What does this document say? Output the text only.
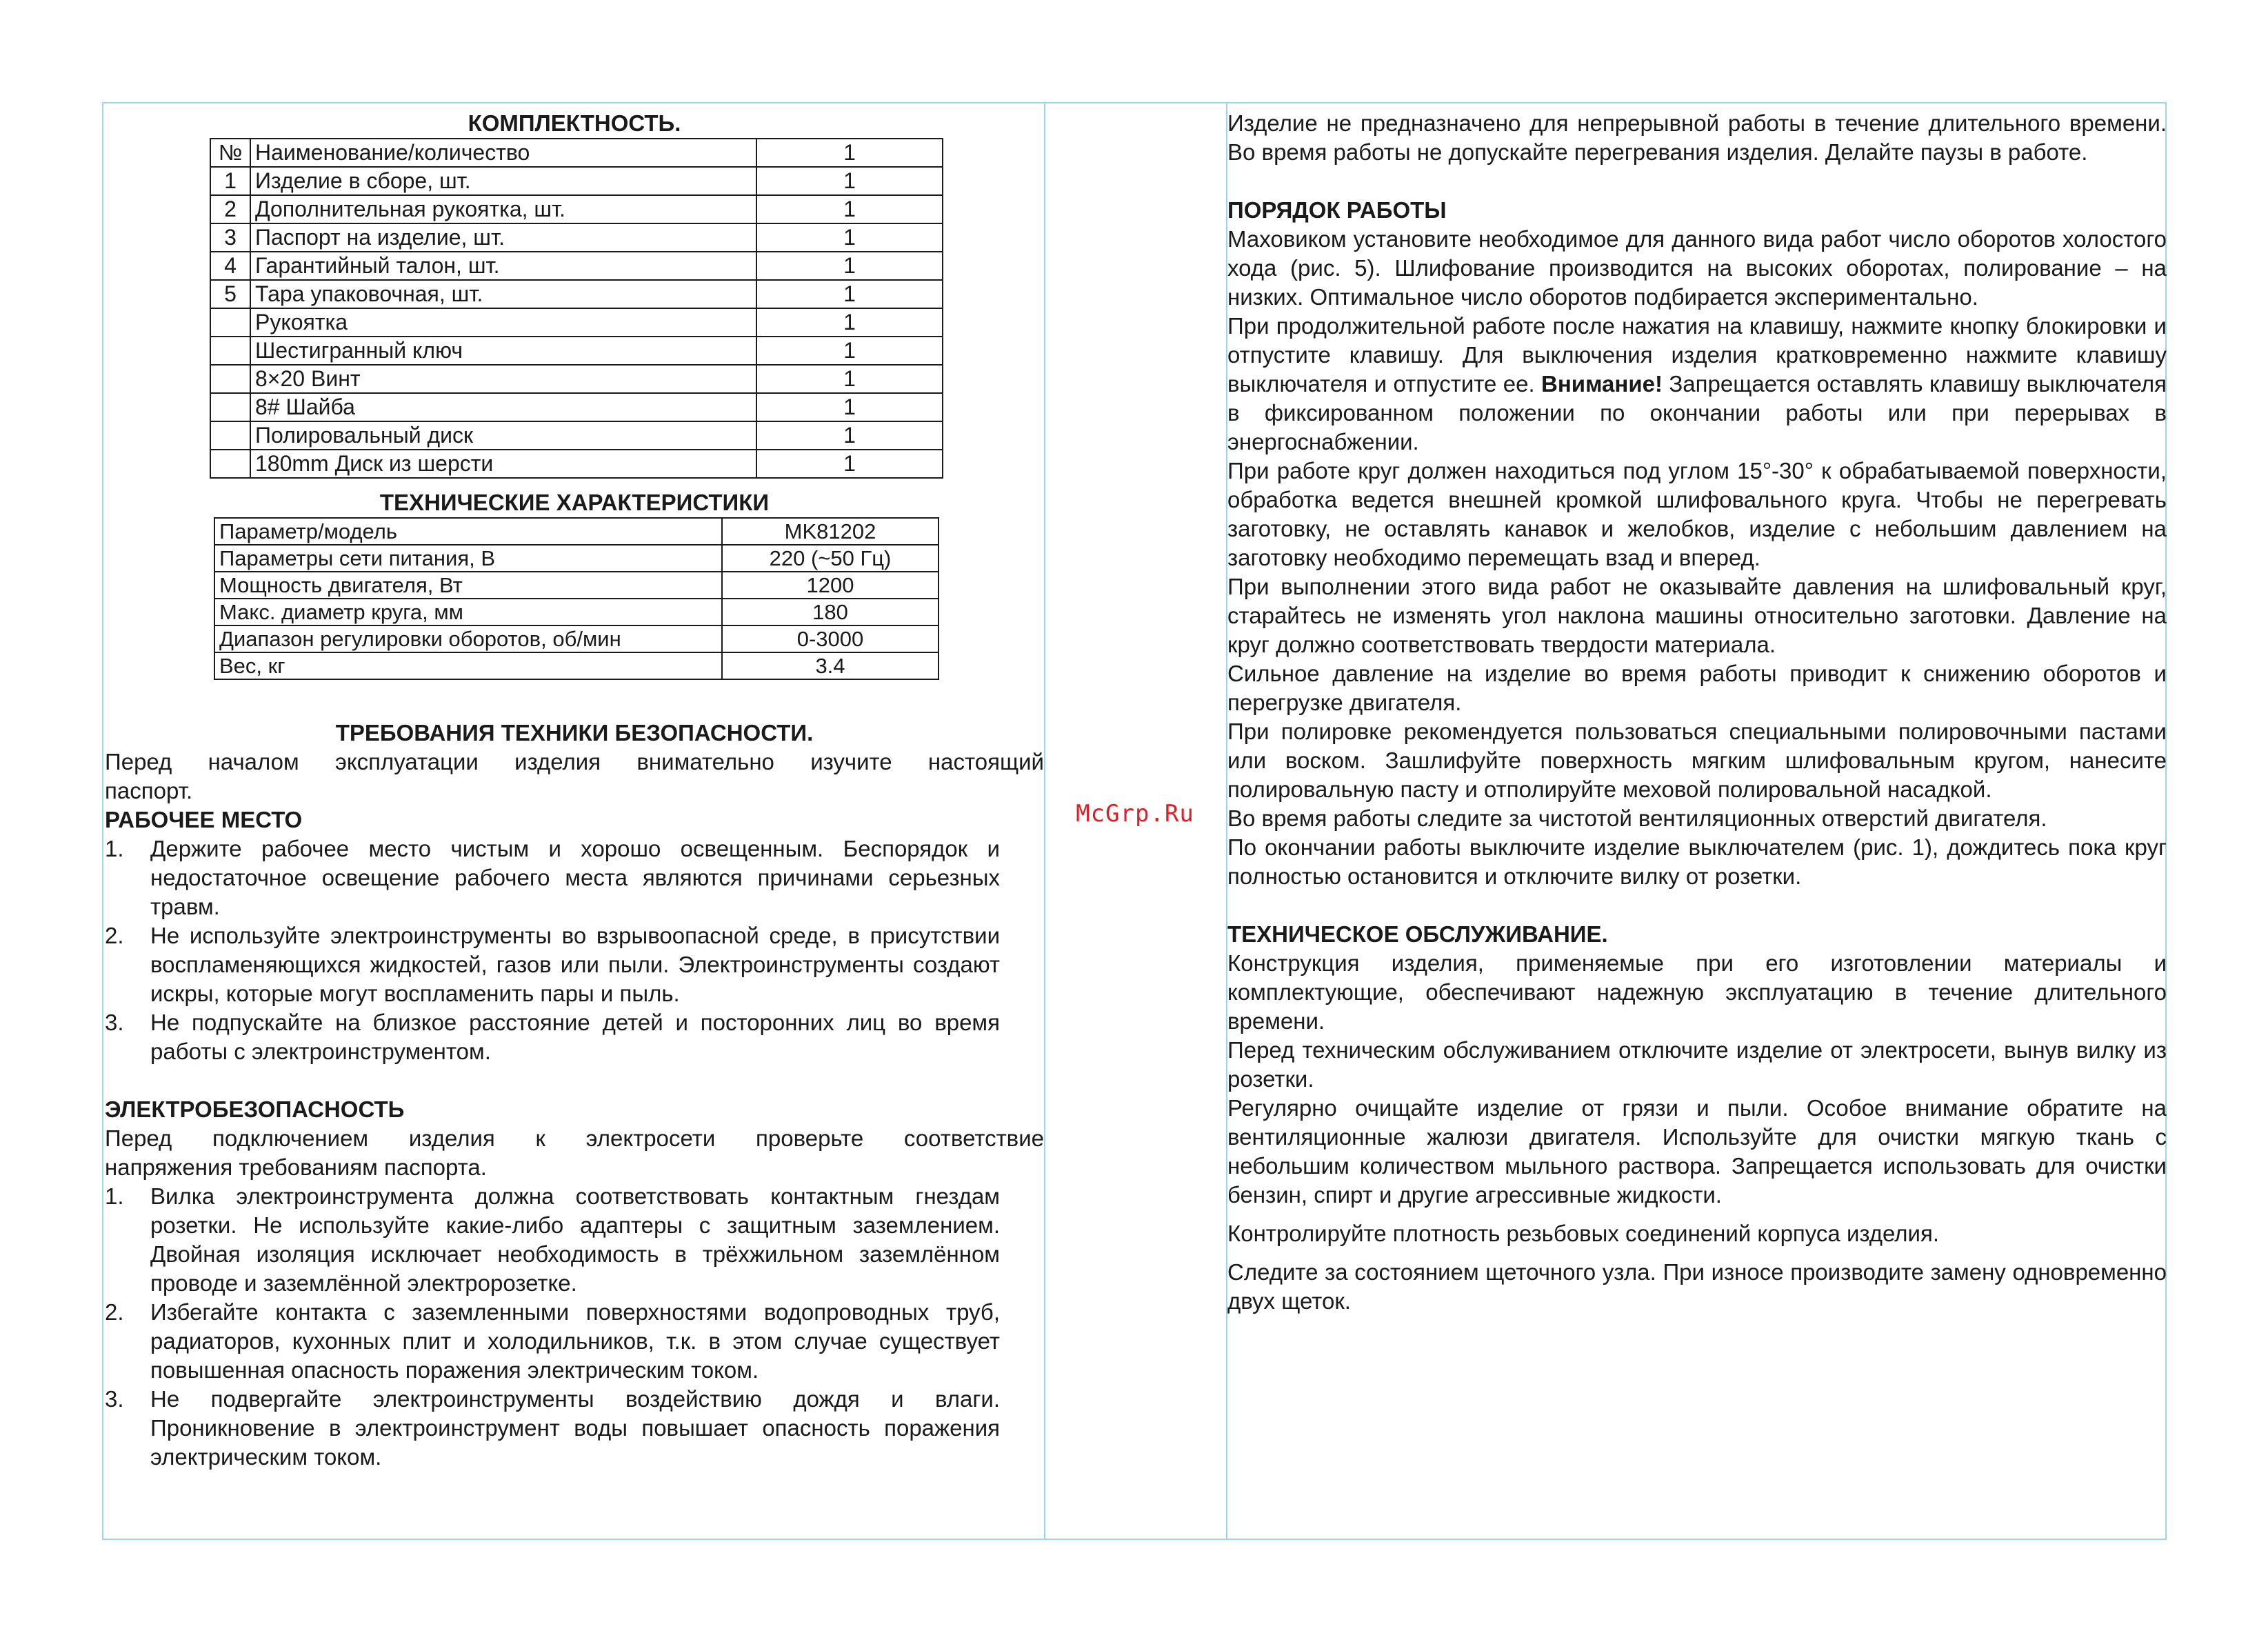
КОМПЛЕКТНОСТЬ.
№	Наименование/количество	1
1	Изделие в сборе, шт.	1
2	Дополнительная рукоятка, шт.	1
3	Паспорт на изделие, шт.	1
4	Гарантийный талон, шт.	1
5	Тара упаковочная, шт.	1
	Рукоятка	1
	Шестигранный ключ	1
	8×20 Винт	1
	8# Шайба	1
	Полировальный диск	1
	180mm Диск из шерсти	1
ТЕХНИЧЕСКИЕ ХАРАКТЕРИСТИКИ
Параметр/модель	MK81202
Параметры сети питания, В	220 (~50 Гц)
Мощность двигателя, Вт	1200
Макс. диаметр круга, мм	180
Диапазон регулировки оборотов, об/мин	0-3000
Вес, кг	3.4
ТРЕБОВАНИЯ ТЕХНИКИ БЕЗОПАСНОСТИ.
Перед началом эксплуатации изделия внимательно изучите настоящий
паспорт.
РАБОЧЕЕ МЕСТО
1. Держите рабочее место чистым и хорошо освещенным. Беспорядок и недостаточное освещение рабочего места являются причинами серьезных травм.
2. Не используйте электроинструменты во взрывоопасной среде, в присутствии воспламеняющихся жидкостей, газов или пыли. Электроинструменты создают искры, которые могут воспламенить пары и пыль.
3. Не подпускайте на близкое расстояние детей и посторонних лиц во время работы с электроинструментом.
ЭЛЕКТРОБЕЗОПАСНОСТЬ
Перед подключением изделия к электросети проверьте соответствие
напряжения требованиям паспорта.
1. Вилка электроинструмента должна соответствовать контактным гнездам розетки. Не используйте какие-либо адаптеры с защитным заземлением. Двойная изоляция исключает необходимость в трёхжильном заземлённом проводе и заземлённой электророзетке.
2. Избегайте контакта с заземленными поверхностями водопроводных труб, радиаторов, кухонных плит и холодильников, т.к. в этом случае существует повышенная опасность поражения электрическим током.
3. Не подвергайте электроинструменты воздействию дождя и влаги. Проникновение в электроинструмент воды повышает опасность поражения электрическим током.
McGrp.Ru
Изделие не предназначено для непрерывной работы в течение длительного времени. Во время работы не допускайте перегревания изделия. Делайте паузы в работе.
ПОРЯДОК РАБОТЫ
Маховиком установите необходимое для данного вида работ число оборотов холостого хода (рис. 5). Шлифование производится на высоких оборотах, полирование – на низких. Оптимальное число оборотов подбирается экспериментально.
При продолжительной работе после нажатия на клавишу, нажмите кнопку блокировки и отпустите клавишу. Для выключения изделия кратковременно нажмите клавишу выключателя и отпустите ее. Внимание! Запрещается оставлять клавишу выключателя в фиксированном положении по окончании работы или при перерывах в энергоснабжении.
При работе круг должен находиться под углом 15°-30° к обрабатываемой поверхности, обработка ведется внешней кромкой шлифовального круга. Чтобы не перегревать заготовку, не оставлять канавок и желобков, изделие с небольшим давлением на заготовку необходимо перемещать взад и вперед.
При выполнении этого вида работ не оказывайте давления на шлифовальный круг, старайтесь не изменять угол наклона машины относительно заготовки. Давление на круг должно соответствовать твердости материала.
Сильное давление на изделие во время работы приводит к снижению оборотов и перегрузке двигателя.
При полировке рекомендуется пользоваться специальными полировочными пастами или воском. Зашлифуйте поверхность мягким шлифовальным кругом, нанесите полировальную пасту и отполируйте меховой полировальной насадкой.
Во время работы следите за чистотой вентиляционных отверстий двигателя.
По окончании работы выключите изделие выключателем (рис. 1), дождитесь пока круг полностью остановится и отключите вилку от розетки.
ТЕХНИЧЕСКОЕ ОБСЛУЖИВАНИЕ.
Конструкция изделия, применяемые при его изготовлении материалы и комплектующие, обеспечивают надежную эксплуатацию в течение длительного времени.
Перед техническим обслуживанием отключите изделие от электросети, вынув вилку из розетки.
Регулярно очищайте изделие от грязи и пыли. Особое внимание обратите на вентиляционные жалюзи двигателя. Используйте для очистки мягкую ткань с небольшим количеством мыльного раствора. Запрещается использовать для очистки бензин, спирт и другие агрессивные жидкости.
Контролируйте плотность резьбовых соединений корпуса изделия.
Следите за состоянием щеточного узла. При износе производите замену одновременно двух щеток.
